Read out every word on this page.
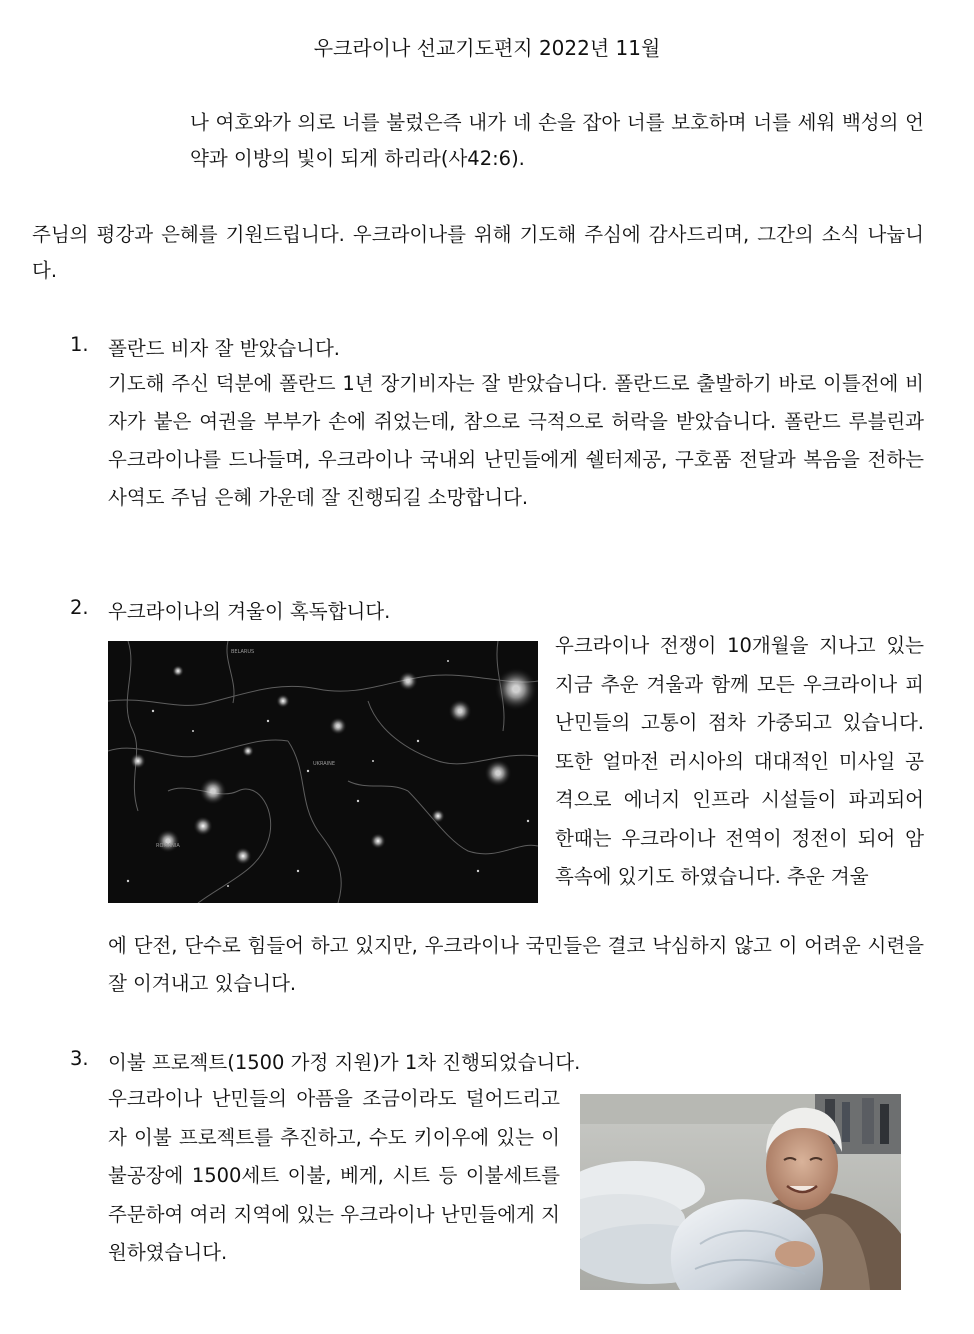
우크라이나 선교기도편지 2022년 11월
나 여호와가 의로 너를 불렀은즉 내가 네 손을 잡아 너를 보호하며 너를 세워 백성의 언약과 이방의 빛이 되게 하리라(사42:6).
주님의 평강과 은혜를 기원드립니다. 우크라이나를 위해 기도해 주심에 감사드리며, 그간의 소식 나눕니다.
1. 폴란드 비자 잘 받았습니다.
기도해 주신 덕분에 폴란드 1년 장기비자는 잘 받았습니다. 폴란드로 출발하기 바로 이틀전에 비자가 붙은 여권을 부부가 손에 쥐었는데, 참으로 극적으로 허락을 받았습니다. 폴란드 루블린과 우크라이나를 드나들며, 우크라이나 국내외 난민들에게 쉘터제공, 구호품 전달과 복음을 전하는 사역도 주님 은혜 가운데 잘 진행되길 소망합니다.
2. 우크라이나의 겨울이 혹독합니다.
BELARUS
UKRAINE
ROMANIA
우크라이나 전쟁이 10개월을 지나고 있는 지금 추운 겨울과 함께 모든 우크라이나 피난민들의 고통이 점차 가중되고 있습니다. 또한 얼마전 러시아의 대대적인 미사일 공격으로 에너지 인프라 시설들이 파괴되어 한때는 우크라이나 전역이 정전이 되어 암흑속에 있기도 하였습니다. 추운 겨울
에 단전, 단수로 힘들어 하고 있지만, 우크라이나 국민들은 결코 낙심하지 않고 이 어려운 시련을 잘 이겨내고 있습니다.
3. 이불 프로젝트(1500 가정 지원)가 1차 진행되었습니다.
우크라이나 난민들의 아픔을 조금이라도 덜어드리고자 이불 프로젝트를 추진하고, 수도 키이우에 있는 이불공장에 1500세트 이불, 베게, 시트 등 이불세트를 주문하여 여러 지역에 있는 우크라이나 난민들에게 지원하였습니다.
